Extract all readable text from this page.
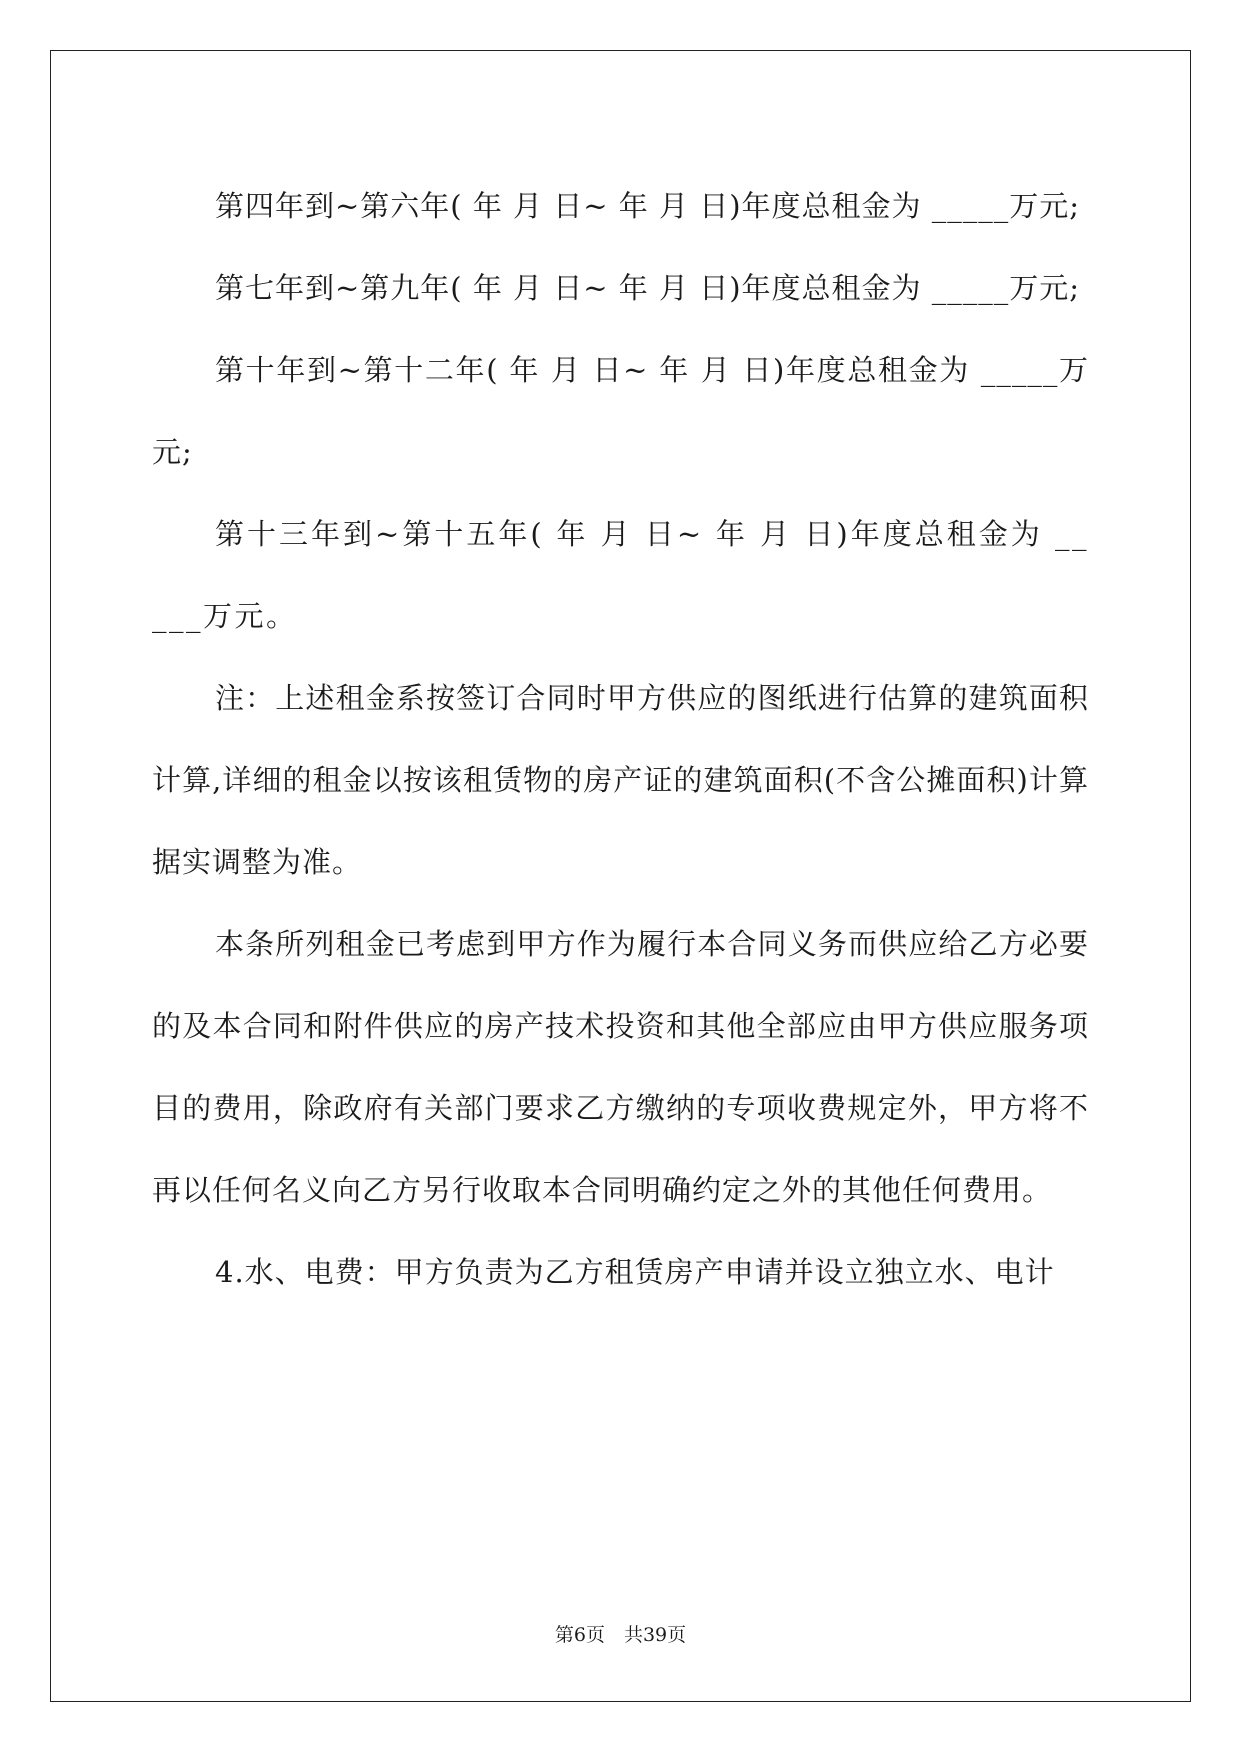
第四年到~第六年( 年 月 日~ 年 月 日)年度总租金为 _____万元;

第七年到~第九年( 年 月 日~ 年 月 日)年度总租金为 _____万元;

第十年到~第十二年( 年 月 日~ 年 月 日)年度总租金为 _____万元;

第十三年到~第十五年( 年 月 日~ 年 月 日)年度总租金为 _____万元。

注：上述租金系按签订合同时甲方供应的图纸进行估算的建筑面积计算,详细的租金以按该租赁物的房产证的建筑面积(不含公摊面积)计算据实调整为准。

本条所列租金已考虑到甲方作为履行本合同义务而供应给乙方必要的及本合同和附件供应的房产技术投资和其他全部应由甲方供应服务项目的费用，除政府有关部门要求乙方缴纳的专项收费规定外，甲方将不再以任何名义向乙方另行收取本合同明确约定之外的其他任何费用。

4.水、电费：甲方负责为乙方租赁房产申请并设立独立水、电计

第6页　共39页
